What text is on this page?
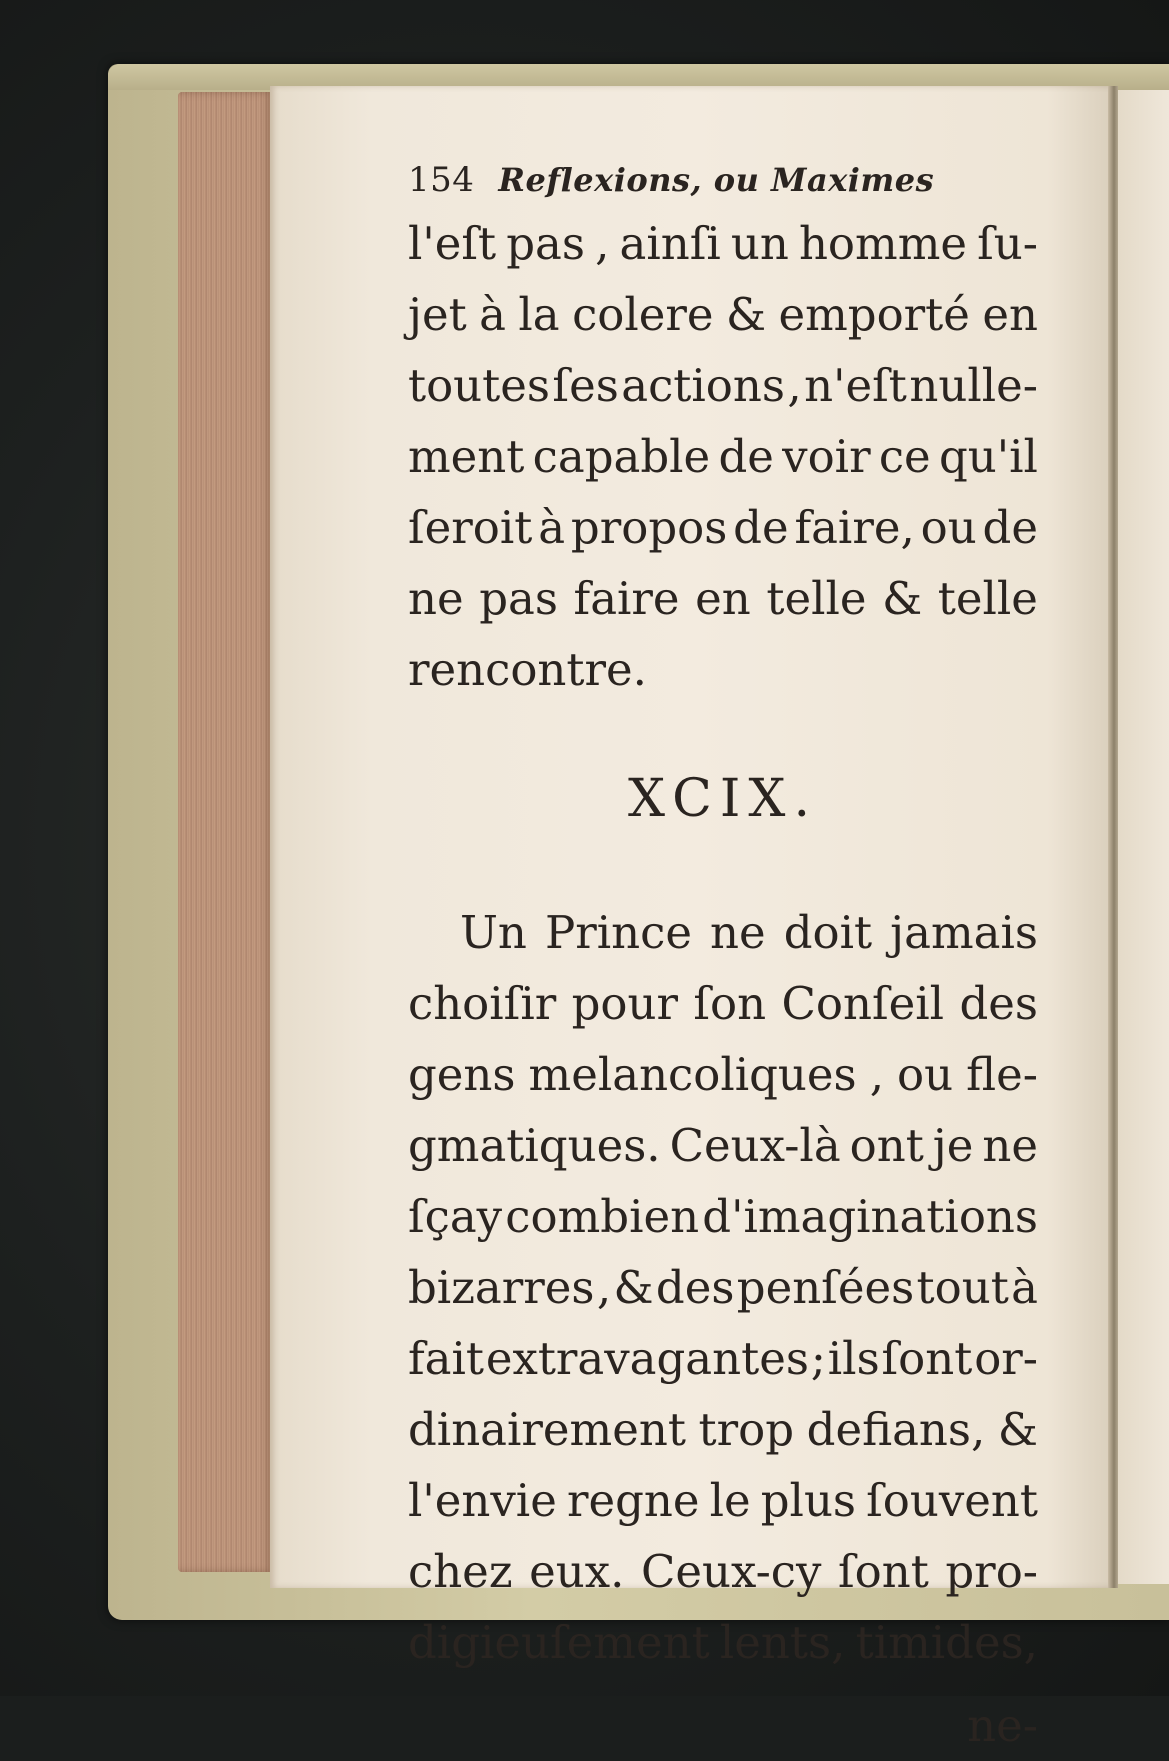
154 Reflexions, ou Maximes
l'eſt pas , ainſi un homme ſu-
jet à la colere & emporté en
toutes ſes actions , n'eſt nulle-
ment capable de voir ce qu'il
ſeroit à propos de faire, ou de
ne pas faire en telle & telle
rencontre.
XCIX.
Un Prince ne doit jamais
choiſir pour ſon Conſeil des
gens melancoliques , ou fle-
gmatiques. Ceux-là ont je ne
ſçay combien d'imaginations
bizarres , & des penſées tout à
fait extravagantes ; ils ſont or-
dinairement trop defians, &
l'envie regne le plus ſouvent
chez eux. Ceux-cy ſont pro-
digieuſement lents, timides,
ne-
